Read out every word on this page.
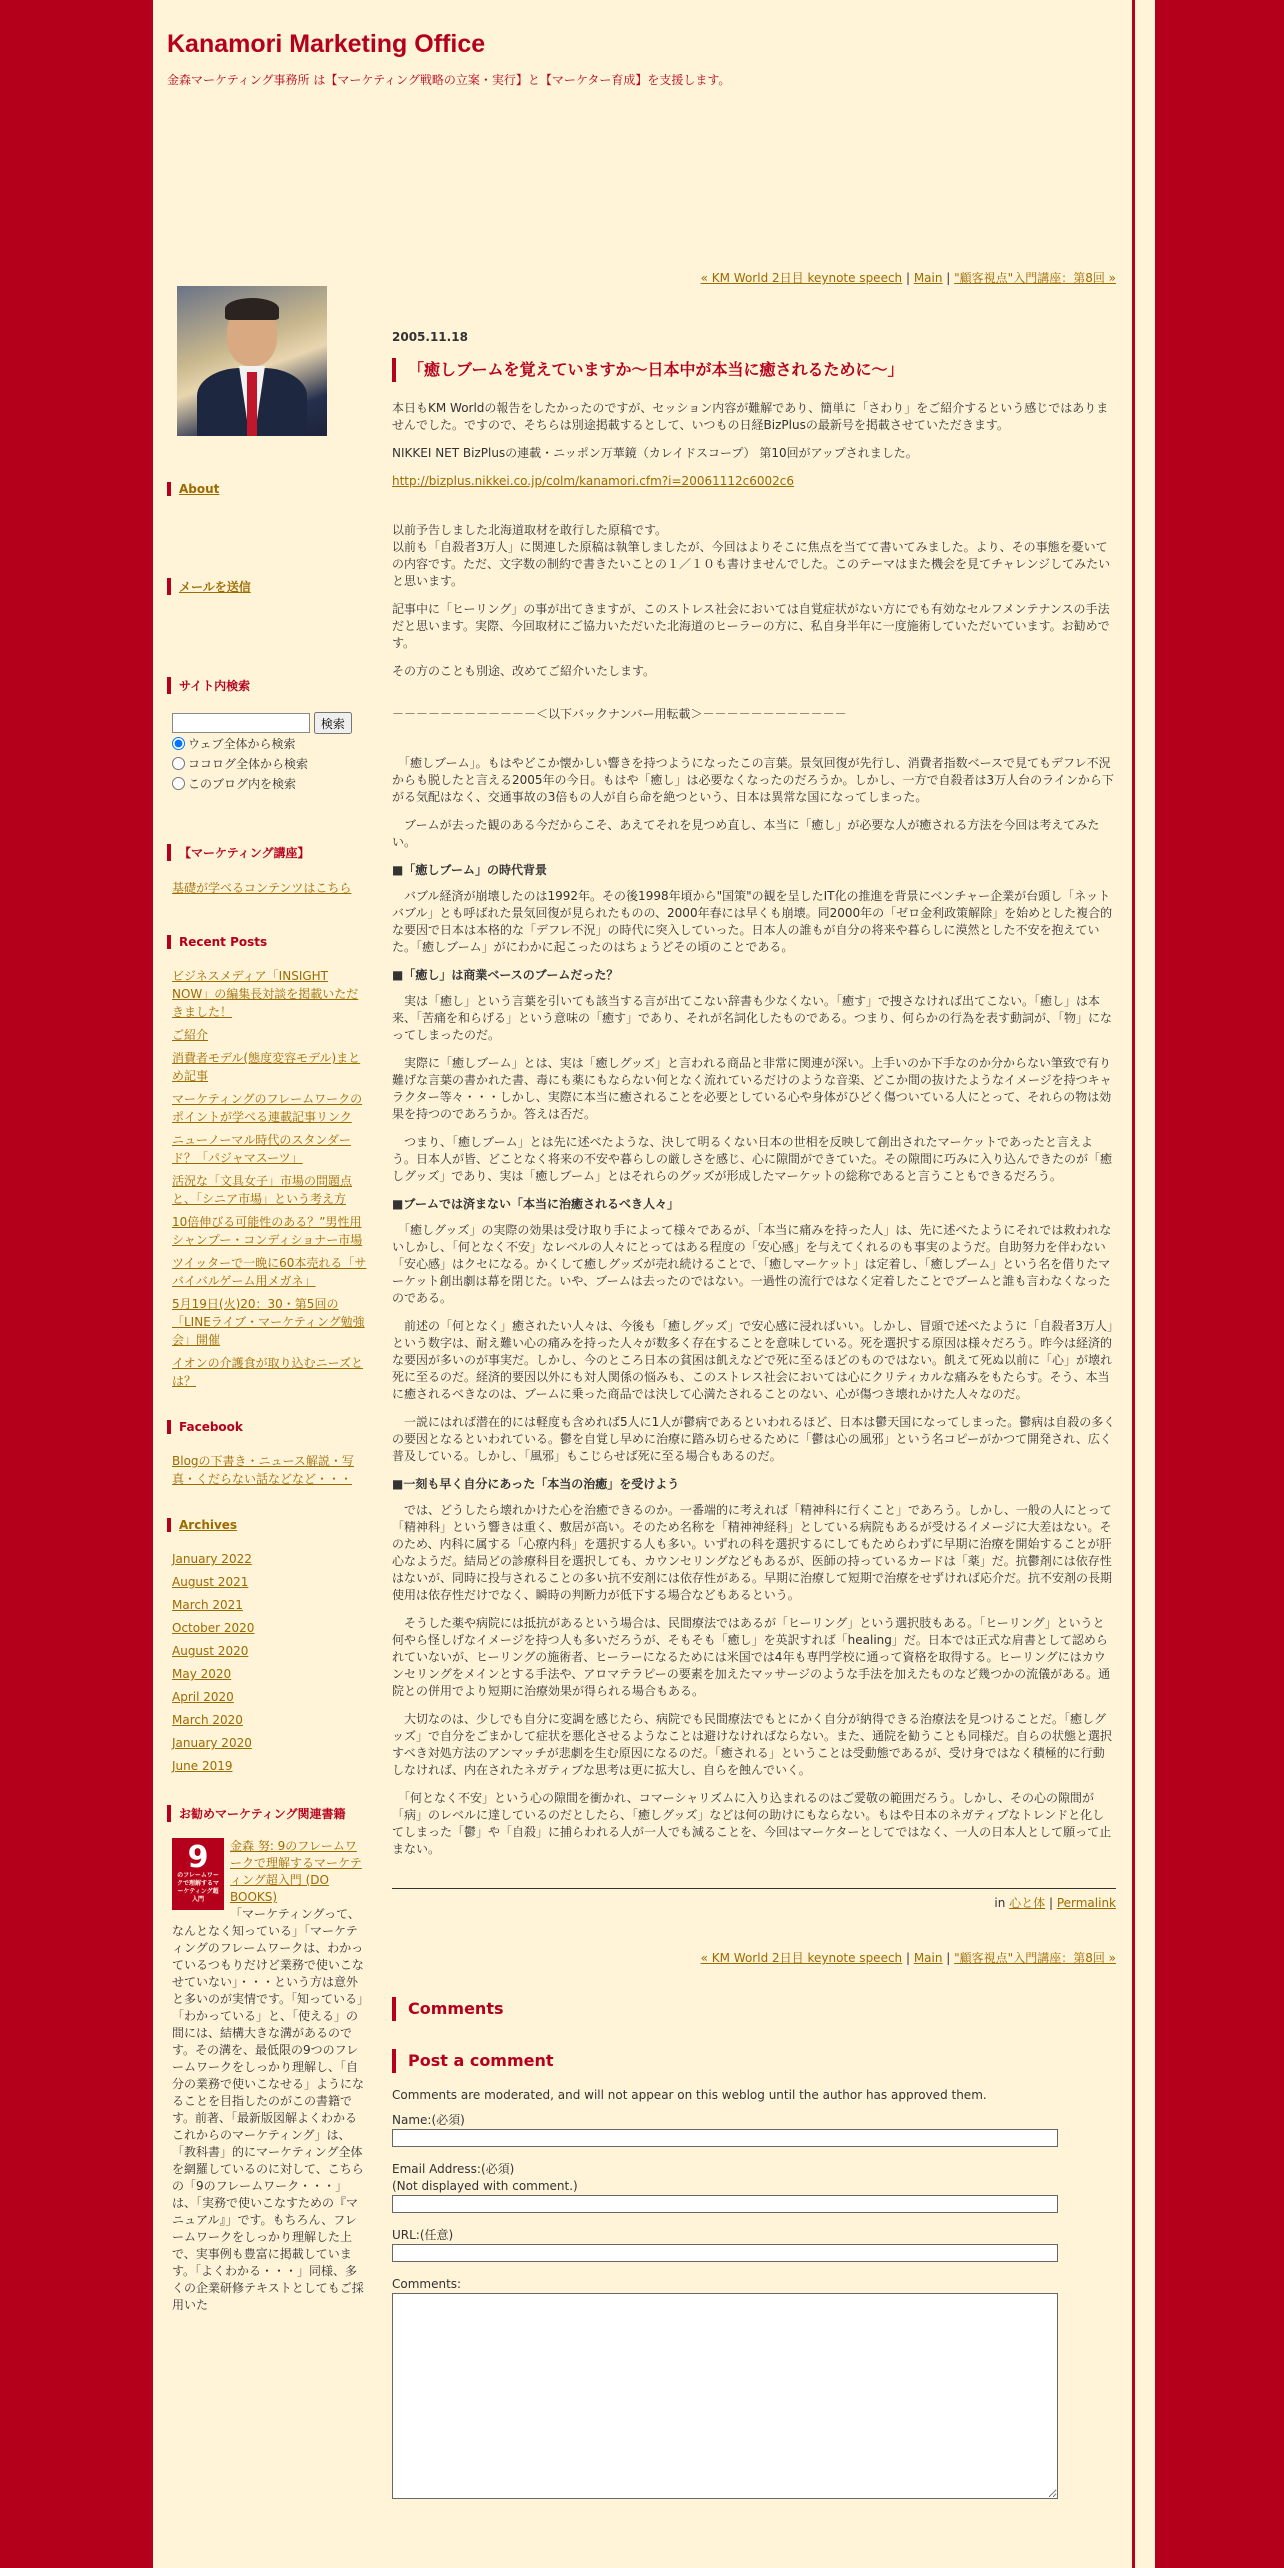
Kanamori Marketing Office
金森マーケティング事務所 は【マーケティング戦略の立案・実行】と【マーケター育成】を支援します。
About
メールを送信
サイト内検索
検索
ウェブ全体から検索
ココログ全体から検索
このブログ内を検索
【マーケティング講座】
基礎が学べるコンテンツはこちら
Recent Posts
ビジネスメディア「INSIGHT NOW」の編集長対談を掲載いただきました！
ご紹介
消費者モデル(態度変容モデル)まとめ記事
マーケティングのフレームワークのポイントが学べる連載記事リンク
ニューノーマル時代のスタンダード？「パジャマスーツ」
活況な「文具女子」市場の問題点と、「シニア市場」という考え方
10倍伸びる可能性のある？”男性用シャンプー・コンディショナー市場
ツイッターで一晩に60本売れる「サバイバルゲーム用メガネ」
5月19日(火)20：30・第5回の「LINEライブ・マーケティング勉強会」開催
イオンの介護食が取り込むニーズとは？
Facebook
Blogの下書き・ニュース解説・写真・くだらない話などなど・・・
Archives
January 2022
August 2021
March 2021
October 2020
August 2020
May 2020
April 2020
March 2020
January 2020
June 2019
お勧めマーケティング関連書籍
9
のフレームワークで理解するマーケティング超入門
金森 努: 9のフレームワークで理解するマーケティング超入門 (DO BOOKS)
「マーケティングって、なんとなく知っている」「マーケティングのフレームワークは、わかっているつもりだけど業務で使いこなせていない」・・・という方は意外と多いのが実情です。「知っている」「わかっている」と、「使える」の間には、結構大きな溝があるのです。その溝を、最低限の9つのフレームワークをしっかり理解し、「自分の業務で使いこなせる」ようになることを目指したのがこの書籍です。前著、「最新版図解よくわかるこれからのマーケティング」は、「教科書」的にマーケティング全体を網羅しているのに対して、こちらの「9のフレームワーク・・・」は、「実務で使いこなすための『マニュアル』」です。もちろん、フレームワークをしっかり理解した上で、実事例も豊富に掲載しています。「よくわかる・・・」同様、多くの企業研修テキストとしてもご採用いた
« KM World 2日目 keynote speech | Main | "顧客視点"入門講座：第8回 »
2005.11.18
「癒しブームを覚えていますか～日本中が本当に癒されるために～」

本日もKM Worldの報告をしたかったのですが、セッション内容が難解であり、簡単に「さわり」をご紹介するという感じではありませんでした。ですので、そちらは別途掲載するとして、いつもの日経BizPlusの最新号を掲載させていただきます。

NIKKEI NET BizPlusの連載・ニッポン万華鏡（カレイドスコープ） 第10回がアップされました。

http://bizplus.nikkei.co.jp/colm/kanamori.cfm?i=20061112c6002c6

以前予告しました北海道取材を敢行した原稿です。
以前も「自殺者3万人」に関連した原稿は執筆しましたが、今回はよりそこに焦点を当てて書いてみました。より、その事態を憂いての内容です。ただ、文字数の制約で書きたいことの１／１０も書けませんでした。このテーマはまた機会を見てチャレンジしてみたいと思います。

記事中に「ヒーリング」の事が出てきますが、このストレス社会においては自覚症状がない方にでも有効なセルフメンテナンスの手法だと思います。実際、今回取材にご協力いただいた北海道のヒーラーの方に、私自身半年に一度施術していただいています。お勧めです。

その方のことも別途、改めてご紹介いたします。

－－－－－－－－－－－－＜以下バックナンバー用転載＞－－－－－－－－－－－－

　「癒しブーム」。もはやどこか懐かしい響きを持つようになったこの言葉。景気回復が先行し、消費者指数ベースで見てもデフレ不況からも脱したと言える2005年の今日。もはや「癒し」は必要なくなったのだろうか。しかし、一方で自殺者は3万人台のラインから下がる気配はなく、交通事故の3倍もの人が自ら命を絶つという、日本は異常な国になってしまった。

　ブームが去った観のある今だからこそ、あえてそれを見つめ直し、本当に「癒し」が必要な人が癒される方法を今回は考えてみたい。

■「癒しブーム」の時代背景

　バブル経済が崩壊したのは1992年。その後1998年頃から"国策"の観を呈したIT化の推進を背景にベンチャー企業が台頭し「ネットバブル」とも呼ばれた景気回復が見られたものの、2000年春には早くも崩壊。同2000年の「ゼロ金利政策解除」を始めとした複合的な要因で日本は本格的な「デフレ不況」の時代に突入していった。日本人の誰もが自分の将来や暮らしに漠然とした不安を抱えていた。「癒しブーム」がにわかに起こったのはちょうどその頃のことである。

■「癒し」は商業ベースのブームだった？

　実は「癒し」という言葉を引いても該当する言が出てこない辞書も少なくない。「癒す」で捜さなければ出てこない。「癒し」は本来、「苦痛を和らげる」という意味の「癒す」であり、それが名詞化したものである。つまり、何らかの行為を表す動詞が、「物」になってしまったのだ。

　実際に「癒しブーム」とは、実は「癒しグッズ」と言われる商品と非常に関連が深い。上手いのか下手なのか分からない筆致で有り難げな言葉の書かれた書、毒にも薬にもならない何となく流れているだけのような音楽、どこか間の抜けたようなイメージを持つキャラクター等々・・・しかし、実際に本当に癒されることを必要としている心や身体がひどく傷ついている人にとって、それらの物は効果を持つのであろうか。答えは否だ。

　つまり、「癒しブーム」とは先に述べたような、決して明るくない日本の世相を反映して創出されたマーケットであったと言えよう。日本人が皆、どことなく将来の不安や暮らしの厳しさを感じ、心に隙間ができていた。その隙間に巧みに入り込んできたのが「癒しグッズ」であり、実は「癒しブーム」とはそれらのグッズが形成したマーケットの総称であると言うこともできるだろう。

■ブームでは済まない「本当に治癒されるべき人々」

　「癒しグッズ」の実際の効果は受け取り手によって様々であるが、「本当に痛みを持った人」は、先に述べたようにそれでは救われないしかし、「何となく不安」なレベルの人々にとってはある程度の「安心感」を与えてくれるのも事実のようだ。自助努力を伴わない「安心感」はクセになる。かくして癒しグッズが売れ続けることで、「癒しマーケット」は定着し、「癒しブーム」という名を借りたマーケット創出劇は幕を閉じた。いや、ブームは去ったのではない。一過性の流行ではなく定着したことでブームと誰も言わなくなったのである。

　前述の「何となく」癒されたい人々は、今後も「癒しグッズ」で安心感に浸ればいい。しかし、冒頭で述べたように「自殺者3万人」という数字は、耐え難い心の痛みを持った人々が数多く存在することを意味している。死を選択する原因は様々だろう。昨今は経済的な要因が多いのが事実だ。しかし、今のところ日本の貧困は飢えなどで死に至るほどのものではない。飢えて死ぬ以前に「心」が壊れ死に至るのだ。経済的要因以外にも対人関係の悩みも、このストレス社会においては心にクリティカルな痛みをもたらす。そう、本当に癒されるべきなのは、ブームに乗った商品では決して心満たされることのない、心が傷つき壊れかけた人々なのだ。

　一説にはれば潜在的には軽度も含めれば5人に1人が鬱病であるといわれるほど、日本は鬱天国になってしまった。鬱病は自殺の多くの要因となるといわれている。鬱を自覚し早めに治療に踏み切らせるために「鬱は心の風邪」という名コピーがかつて開発され、広く普及している。しかし、「風邪」もこじらせば死に至る場合もあるのだ。

■一刻も早く自分にあった「本当の治癒」を受けよう

　では、どうしたら壊れかけた心を治癒できるのか。一番端的に考えれば「精神科に行くこと」であろう。しかし、一般の人にとって「精神科」という響きは重く、敷居が高い。そのため名称を「精神神経科」としている病院もあるが受けるイメージに大差はない。そのため、内科に属する「心療内科」を選択する人も多い。いずれの科を選択するにしてもためらわずに早期に治療を開始することが肝心なようだ。結局どの診療科目を選択しても、カウンセリングなどもあるが、医師の持っているカードは「薬」だ。抗鬱剤には依存性はないが、同時に投与されることの多い抗不安剤には依存性がある。早期に治療して短期で治療をせずければ応介だ。抗不安剤の長期使用は依存性だけでなく、瞬時の判断力が低下する場合などもあるという。

　そうした薬や病院には抵抗があるという場合は、民間療法ではあるが「ヒーリング」という選択肢もある。「ヒーリング」というと何やら怪しげなイメージを持つ人も多いだろうが、そもそも「癒し」を英訳すれば「healing」だ。日本では正式な肩書として認められていないが、ヒーリングの施術者、ヒーラーになるためには米国では4年も専門学校に通って資格を取得する。ヒーリングにはカウンセリングをメインとする手法や、アロマテラピーの要素を加えたマッサージのような手法を加えたものなど幾つかの流儀がある。通院との併用でより短期に治療効果が得られる場合もある。

　大切なのは、少しでも自分に変調を感じたら、病院でも民間療法でもとにかく自分が納得できる治療法を見つけることだ。「癒しグッズ」で自分をごまかして症状を悪化させるようなことは避けなければならない。また、通院を勧うことも同様だ。自らの状態と選択すべき対処方法のアンマッチが悲劇を生む原因になるのだ。「癒される」ということは受動態であるが、受け身ではなく積極的に行動しなければ、内在されたネガティブな思考は更に拡大し、自らを蝕んでいく。

　「何となく不安」という心の隙間を衝かれ、コマーシャリズムに入り込まれるのはご愛敬の範囲だろう。しかし、その心の隙間が「病」のレベルに達しているのだとしたら、「癒しグッズ」などは何の助けにもならない。もはや日本のネガティブなトレンドと化してしまった「鬱」や「自殺」に捕らわれる人が一人でも減ることを、今回はマーケターとしてではなく、一人の日本人として願って止まない。

in 心と体 | Permalink
« KM World 2日目 keynote speech | Main | "顧客視点"入門講座：第8回 »
Comments
Post a comment
Comments are moderated, and will not appear on this weblog until the author has approved them.
Name:(必須)
Email Address:(必須)
(Not displayed with comment.)
URL:(任意)
Comments:
